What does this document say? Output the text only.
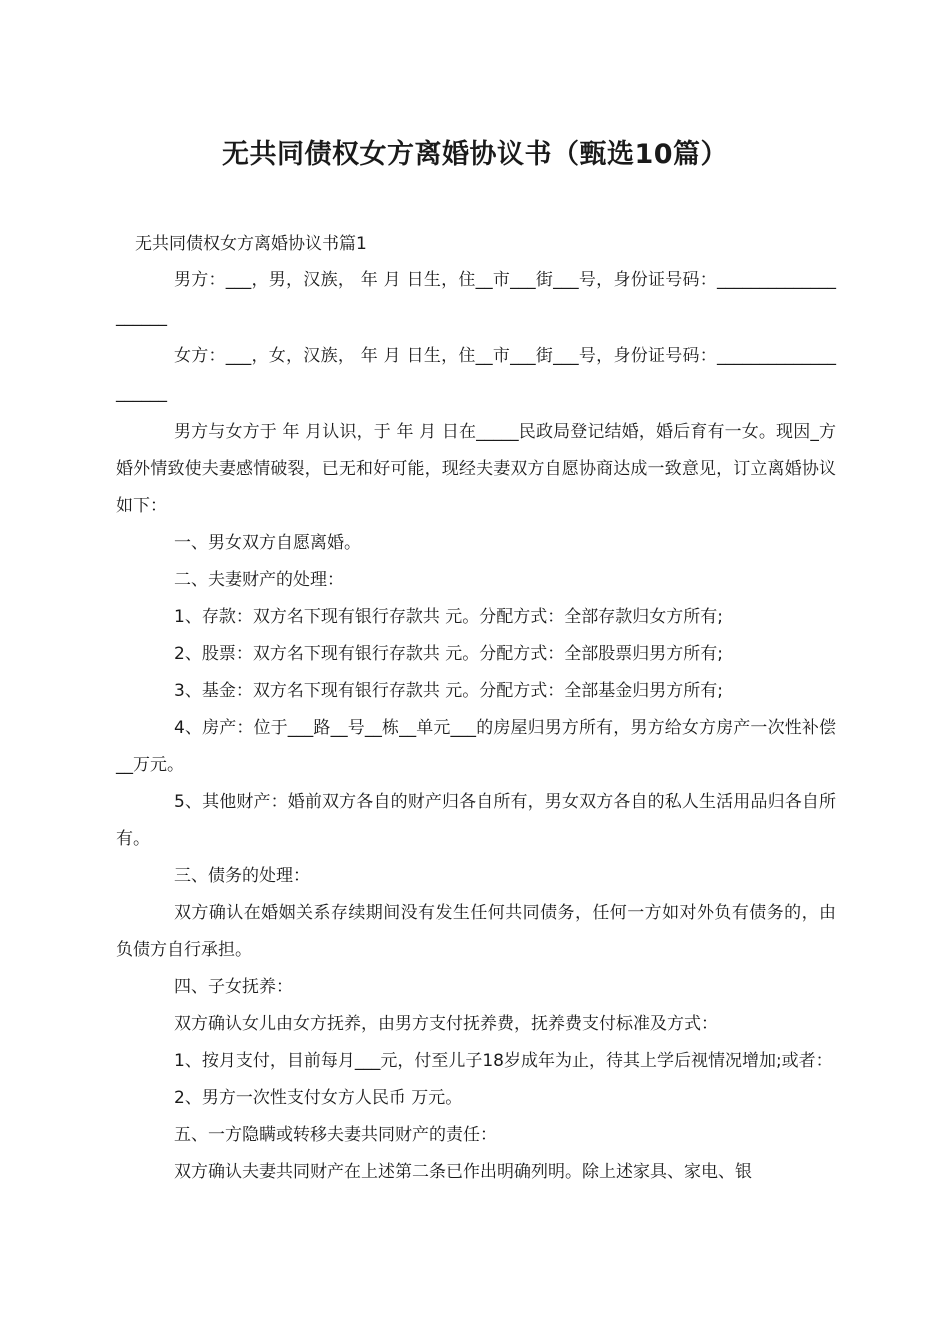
无共同债权女方离婚协议书（甄选10篇）
无共同债权女方离婚协议书篇1

男方：___，男，汉族， 年 月 日生，住__市___街___号，身份证号码：____________________

女方：___，女，汉族， 年 月 日生，住__市___街___号，身份证号码：____________________

男方与女方于 年 月认识，于 年 月 日在_____民政局登记结婚，婚后育有一女。现因_方婚外情致使夫妻感情破裂，已无和好可能，现经夫妻双方自愿协商达成一致意见，订立离婚协议如下：

一、男女双方自愿离婚。

二、夫妻财产的处理：

1、存款：双方名下现有银行存款共 元。分配方式：全部存款归女方所有;

2、股票：双方名下现有银行存款共 元。分配方式：全部股票归男方所有;

3、基金：双方名下现有银行存款共 元。分配方式：全部基金归男方所有;

4、房产：位于___路__号__栋__单元___的房屋归男方所有，男方给女方房产一次性补偿__万元。

5、其他财产：婚前双方各自的财产归各自所有，男女双方各自的私人生活用品归各自所有。

三、债务的处理：

双方确认在婚姻关系存续期间没有发生任何共同债务，任何一方如对外负有债务的，由负债方自行承担。

四、子女抚养：

双方确认女儿由女方抚养，由男方支付抚养费，抚养费支付标准及方式：

1、按月支付，目前每月___元，付至儿子18岁成年为止，待其上学后视情况增加;或者：

2、男方一次性支付女方人民币 万元。

五、一方隐瞒或转移夫妻共同财产的责任：

双方确认夫妻共同财产在上述第二条已作出明确列明。除上述家具、家电、银
